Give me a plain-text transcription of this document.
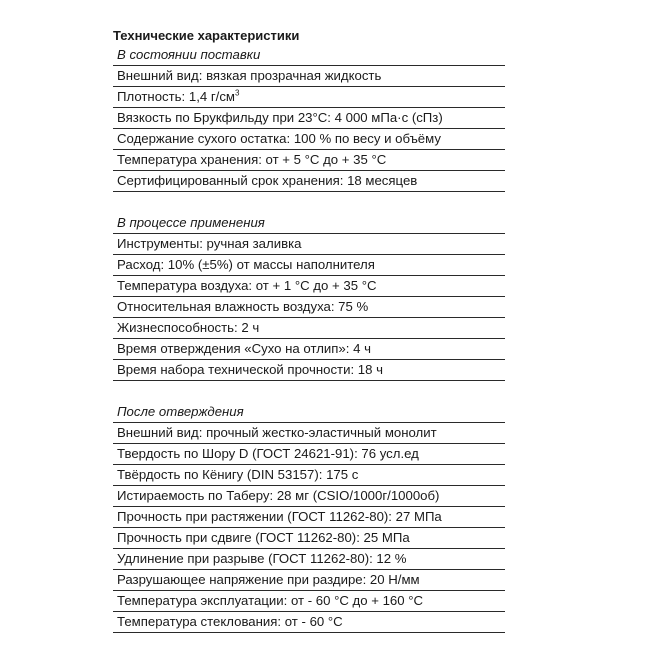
Технические характеристики
В состоянии поставки
Внешний вид: вязкая прозрачная жидкость
Плотность: 1,4 $г/см^3$
Вязкость по Брукфильду при 23°С: 4 000 мПа·с (сПз)
Содержание сухого остатка: 100 % по весу и объёму
Температура хранения: от + 5 °С до + 35 °С
Сертифицированный срок хранения: 18 месяцев
В процессе применения
Инструменты: ручная заливка
Расход: 10% (±5%) от массы наполнителя
Температура воздуха: от + 1 °С до + 35 °С
Относительная влажность воздуха: 75 %
Жизнеспособность: 2 ч
Время отверждения «Сухо на отлип»: 4 ч
Время набора технической прочности: 18 ч
После отверждения
Внешний вид: прочный жестко-эластичный монолит
Твердость по Шору D (ГОСТ 24621-91): 76 усл.ед
Твёрдость по Кёнигу (DIN 53157): 175 с
Истираемость по Таберу: 28 мг (CSIO/1000г/1000об)
Прочность при растяжении (ГОСТ 11262-80): 27 МПа
Прочность при сдвиге (ГОСТ 11262-80): 25 МПа
Удлинение при разрыве (ГОСТ 11262-80): 12 %
Разрушающее напряжение при раздире: 20 Н/мм
Температура эксплуатации: от - 60 °С до + 160 °С
Температура стеклования: от - 60 °С
